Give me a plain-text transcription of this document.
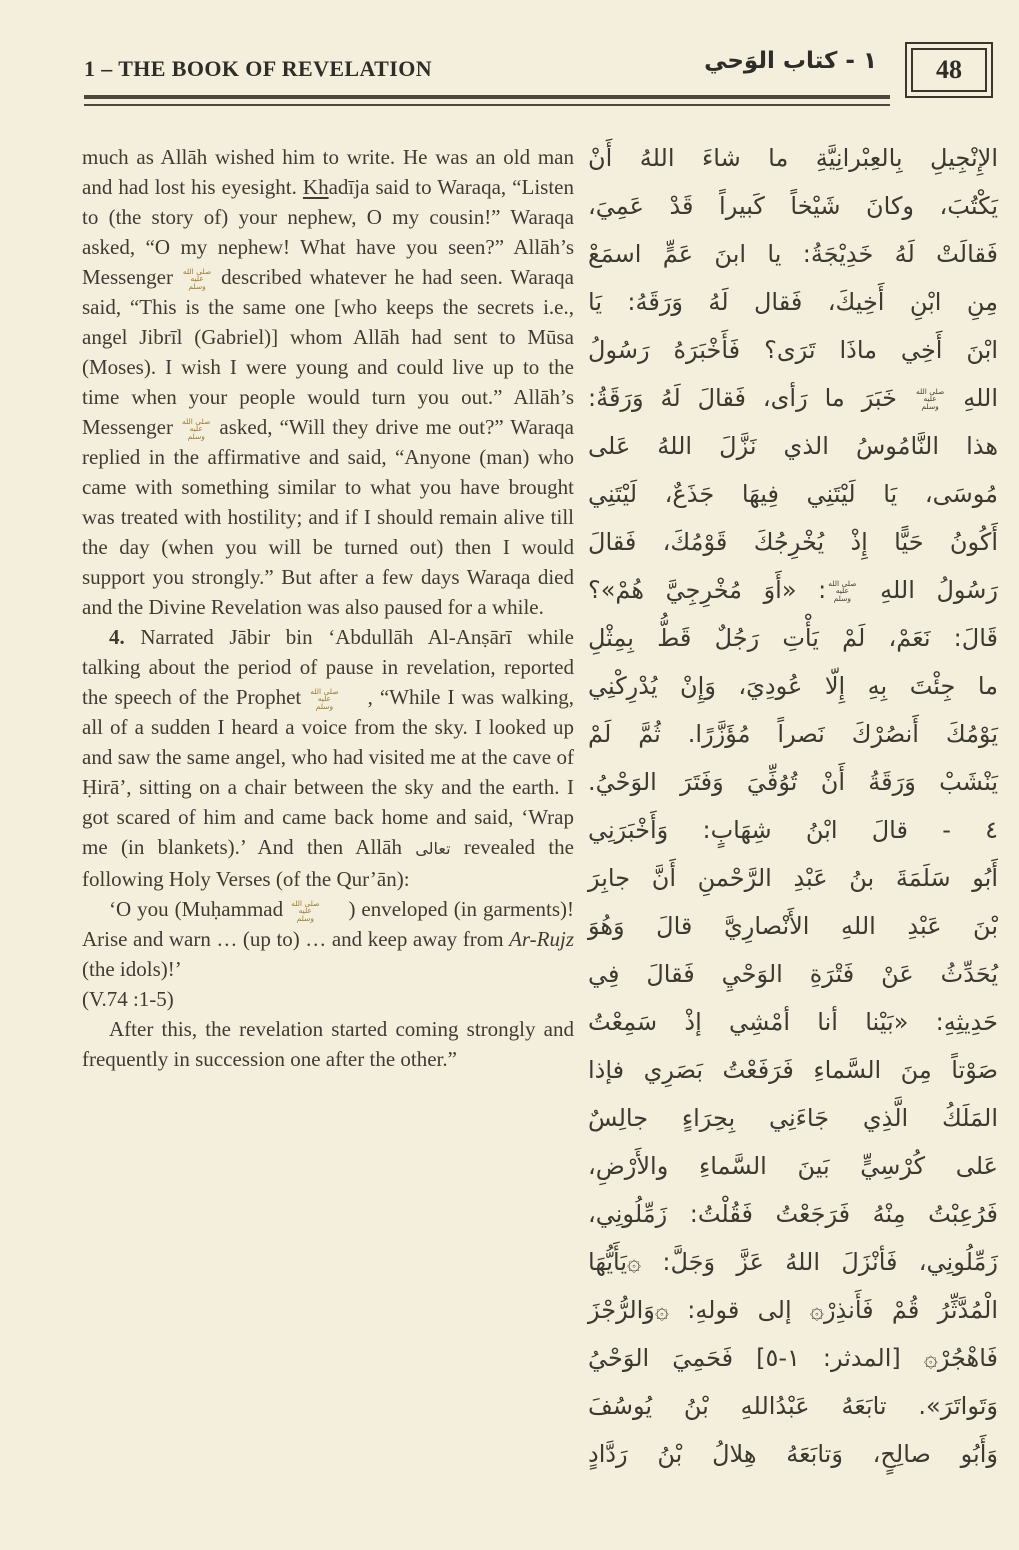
1 – THE BOOK OF REVELATION	١ - كتاب الوَحي	48

much as Allāh wished him to write. He was an old man and had lost his eyesight. Khadīja said to Waraqa, “Listen to (the story of) your nephew, O my cousin!” Waraqa asked, “O my nephew! What have you seen?” Allāh’s Messenger صلى الله
عليه
وسلم described whatever he had seen. Waraqa said, “This is the same one [who keeps the secrets i.e., angel Jibrīl (Gabriel)] whom Allāh had sent to Mūsa (Moses). I wish I were young and could live up to the time when your people would turn you out.” Allāh’s Messenger صلى الله
عليه
وسلم asked, “Will they drive me out?” Waraqa replied in the affirmative and said, “Anyone (man) who came with something similar to what you have brought was treated with hostility; and if I should remain alive till the day (when you will be turned out) then I would support you strongly.” But after a few days Waraqa died and the Divine Revelation was also paused for a while.

4. Narrated Jābir bin ‘Abdullāh Al-Anṣārī while talking about the period of pause in revelation, reported the speech of the Prophet صلى الله
عليه
وسلم	, “While I was walking, all of a sudden I heard a voice from the sky. I looked up and saw the same angel, who had visited me at the cave of Ḥirā’, sitting on a chair between the sky and the earth. I got scared of him and came back home and said, ‘Wrap me (in blankets).’ And then Allāh تعالى revealed the following Holy Verses (of the Qur’ān):

‘O you (Muḥammad صلى الله
عليه
وسلم	) enveloped (in garments)! Arise and warn … (up to) … and keep away from Ar-Rujz (the idols)!’
(V.74 :1-5)

After this, the revelation started coming strongly and frequently in succession one after the other.”

الإِنْجِيلِ بِالعِبْرانِيَّةِ ما شاءَ اللهُ أَنْ
يَكْتُبَ، وكانَ شَيْخاً كَبيراً قَدْ عَمِيَ،
فَقالَتْ لَهُ خَدِيْجَةُ: يا ابنَ عَمٍّ اسمَعْ
مِنِ ابْنِ أَخِيكَ، فَقال لَهُ وَرَقَهُ: يَا
ابْنَ أَخِي ماذَا تَرَى؟ فَأَخْبَرَهُ رَسُولُ
اللهِ
صلى الله
عليه
وسلم
خَبَرَ ما رَأى، فَقالَ لَهُ وَرَقَةُ:
هذا النَّامُوسُ الذي نَزَّلَ اللهُ عَلى
مُوسَى، يَا لَيْتَنِي فِيهَا جَذَعٌ، لَيْتَنِي
أَكُونُ حَيًّا إِذْ يُخْرِجُكَ قَوْمُكَ، فَقالَ
رَسُولُ اللهِ
صلى الله
عليه
وسلم
: «أَوَ مُخْرِجِيَّ هُمْ»؟
قَالَ: نَعَمْ، لَمْ يَأْتِ رَجُلٌ قَطُّ بِمِثْلِ
ما جِئْتَ بِهِ إِلّا عُودِيَ، وَإِنْ يُدْرِكْنِي
يَوْمُكَ أَنصُرْكَ نَصراً مُؤَزَّرًا. ثُمَّ لَمْ
يَنْشَبْ وَرَقَةُ أَنْ تُوُفِّيَ وَفَتَرَ الوَحْيُ.
٤ - قالَ ابْنُ شِهَابٍ: وَأَخْبَرَنِي
أَبُو سَلَمَةَ بنُ عَبْدِ الرَّحْمنِ أَنَّ جابِرَ
بْنَ عَبْدِ اللهِ الأَنْصارِيَّ قالَ وَهُوَ
يُحَدِّثُ عَنْ فَتْرَةِ الوَحْيِ فَقالَ فِي
حَدِيثِهِ: «بَيْنا أنا أمْشِي إذْ سَمِعْتُ
صَوْتاً مِنَ السَّماءِ فَرَفَعْتُ بَصَرِي فإذا
المَلَكُ الَّذِي جَاءَنِي بِحِرَاءٍ جالِسٌ
عَلى كُرْسِيٍّ بَينَ السَّماءِ والأَرْضِ،
فَرُعِبْتُ مِنْهُ فَرَجَعْتُ فَقُلْتُ: زَمِّلُونِي،
زَمِّلُونِي، فَأنْزَلَ اللهُ عَزَّ وَجَلَّ: ۞يَأَيُّهَا
الْمُدَّثِّرُ قُمْ فَأَنذِرْ۞ إلى قولهِ: ۞وَالرُّجْزَ
فَاهْجُرْ۞ [المدثر: ١-٥] فَحَمِيَ الوَحْيُ
وَتَواتَرَ». تابَعَهُ عَبْدُاللهِ بْنُ يُوسُفَ
وَأَبُو صالِحٍ، وَتابَعَهُ هِلالُ بْنُ رَدَّادٍ
